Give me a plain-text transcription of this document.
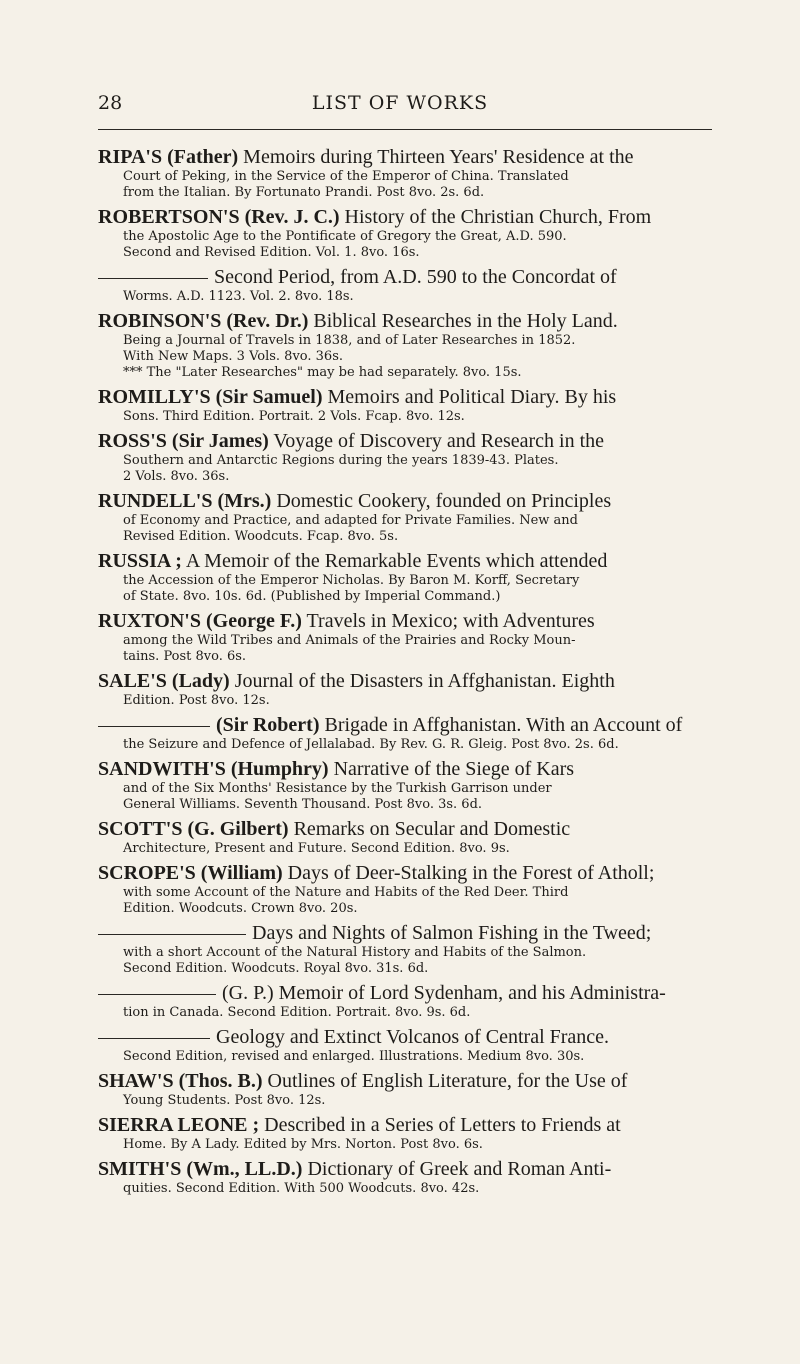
28	LIST OF WORKS
RIPA'S (Father) Memoirs during Thirteen Years' Residence at the
Court of Peking, in the Service of the Emperor of China. Translated
from the Italian. By Fortunato Prandi. Post 8vo. 2s. 6d.
ROBERTSON'S (Rev. J. C.) History of the Christian Church, From
the Apostolic Age to the Pontificate of Gregory the Great, A.D. 590.
Second and Revised Edition. Vol. 1. 8vo. 16s.
Second Period, from A.D. 590 to the Concordat of
Worms. A.D. 1123. Vol. 2. 8vo. 18s.
ROBINSON'S (Rev. Dr.) Biblical Researches in the Holy Land.
Being a Journal of Travels in 1838, and of Later Researches in 1852.
With New Maps. 3 Vols. 8vo. 36s.
*** The "Later Researches" may be had separately. 8vo. 15s.
ROMILLY'S (Sir Samuel) Memoirs and Political Diary. By his
Sons. Third Edition. Portrait. 2 Vols. Fcap. 8vo. 12s.
ROSS'S (Sir James) Voyage of Discovery and Research in the
Southern and Antarctic Regions during the years 1839-43. Plates.
2 Vols. 8vo. 36s.
RUNDELL'S (Mrs.) Domestic Cookery, founded on Principles
of Economy and Practice, and adapted for Private Families. New and
Revised Edition. Woodcuts. Fcap. 8vo. 5s.
RUSSIA ; A Memoir of the Remarkable Events which attended
the Accession of the Emperor Nicholas. By Baron M. Korff, Secretary
of State. 8vo. 10s. 6d. (Published by Imperial Command.)
RUXTON'S (George F.) Travels in Mexico; with Adventures
among the Wild Tribes and Animals of the Prairies and Rocky Moun-
tains. Post 8vo. 6s.
SALE'S (Lady) Journal of the Disasters in Affghanistan. Eighth
Edition. Post 8vo. 12s.
(Sir Robert) Brigade in Affghanistan. With an Account of
the Seizure and Defence of Jellalabad. By Rev. G. R. Gleig. Post 8vo. 2s. 6d.
SANDWITH'S (Humphry) Narrative of the Siege of Kars
and of the Six Months' Resistance by the Turkish Garrison under
General Williams. Seventh Thousand. Post 8vo. 3s. 6d.
SCOTT'S (G. Gilbert) Remarks on Secular and Domestic
Architecture, Present and Future. Second Edition. 8vo. 9s.
SCROPE'S (William) Days of Deer-Stalking in the Forest of Atholl;
with some Account of the Nature and Habits of the Red Deer. Third
Edition. Woodcuts. Crown 8vo. 20s.
Days and Nights of Salmon Fishing in the Tweed;
with a short Account of the Natural History and Habits of the Salmon.
Second Edition. Woodcuts. Royal 8vo. 31s. 6d.
(G. P.) Memoir of Lord Sydenham, and his Administra-
tion in Canada. Second Edition. Portrait. 8vo. 9s. 6d.
Geology and Extinct Volcanos of Central France.
Second Edition, revised and enlarged. Illustrations. Medium 8vo. 30s.
SHAW'S (Thos. B.) Outlines of English Literature, for the Use of
Young Students. Post 8vo. 12s.
SIERRA LEONE ; Described in a Series of Letters to Friends at
Home. By A Lady. Edited by Mrs. Norton. Post 8vo. 6s.
SMITH'S (Wm., LL.D.) Dictionary of Greek and Roman Anti-
quities. Second Edition. With 500 Woodcuts. 8vo. 42s.
